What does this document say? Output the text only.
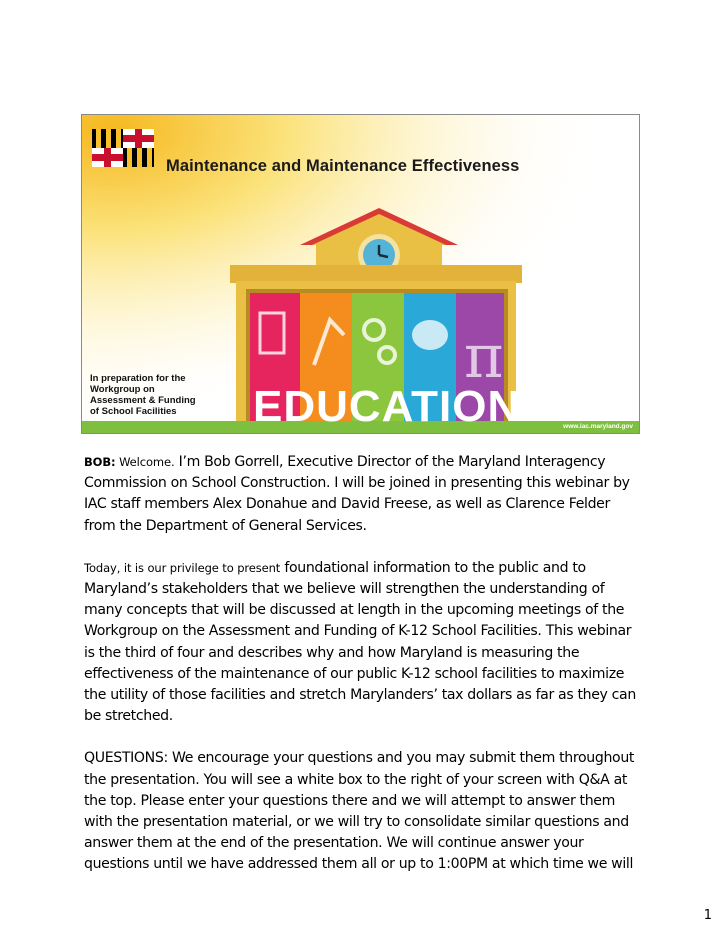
π
Maintenance and Maintenance Effectiveness
EDUCATION
In preparation for the
Workgroup on
Assessment & Funding
of School Facilities
www.iac.maryland.gov

BOB: Welcome. I’m Bob Gorrell, Executive Director of the Maryland Interagency Commission on School Construction. I will be joined in presenting this webinar by IAC staff members Alex Donahue and David Freese, as well as Clarence Felder from the Department of General Services.

Today, it is our privilege to present foundational information to the public and to Maryland’s stakeholders that we believe will strengthen the understanding of many concepts that will be discussed at length in the upcoming meetings of the Workgroup on the Assessment and Funding of K-12 School Facilities. This webinar is the third of four and describes why and how Maryland is measuring the effectiveness of the maintenance of our public K-12 school facilities to maximize the utility of those facilities and stretch Marylanders’ tax dollars as far as they can be stretched.

QUESTIONS: We encourage your questions and you may submit them throughout the presentation. You will see a white box to the right of your screen with Q&A at the top. Please enter your questions there and we will attempt to answer them with the presentation material, or we will try to consolidate similar questions and answer them at the end of the presentation. We will continue answer your questions until we have addressed them all or up to 1:00PM at which time we will

1
